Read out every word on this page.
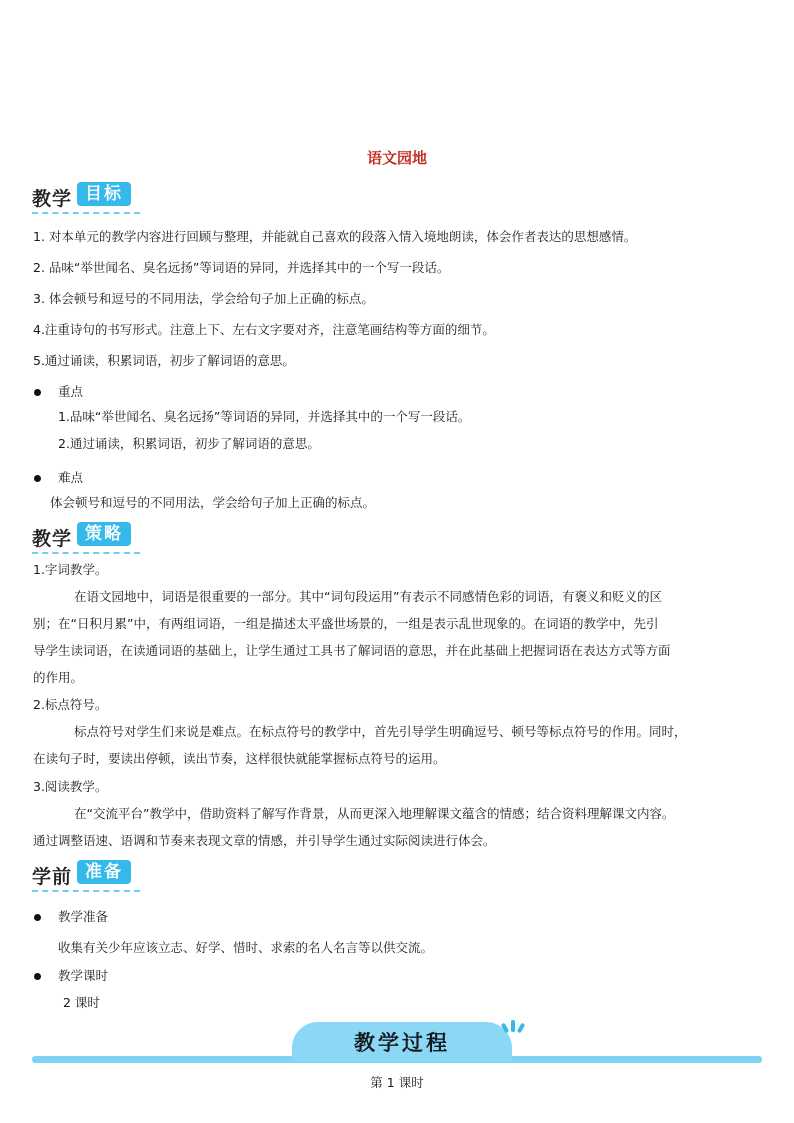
语文园地
教学 目标
1. 对本单元的教学内容进行回顾与整理，并能就自己喜欢的段落入情入境地朗读，体会作者表达的思想感情。
2. 品味“举世闻名、臭名远扬”等词语的异同，并选择其中的一个写一段话。
3. 体会顿号和逗号的不同用法，学会给句子加上正确的标点。
4.注重诗句的书写形式。注意上下、左右文字要对齐，注意笔画结构等方面的细节。
5.通过诵读，积累词语，初步了解词语的意思。
重点
1.品味“举世闻名、臭名远扬”等词语的异同，并选择其中的一个写一段话。
2.通过诵读，积累词语，初步了解词语的意思。
难点
体会顿号和逗号的不同用法，学会给句子加上正确的标点。
教学 策略
1.字词教学。
在语文园地中，词语是很重要的一部分。其中“词句段运用”有表示不同感情色彩的词语，有褒义和贬义的区
别；在“日积月累”中，有两组词语，一组是描述太平盛世场景的，一组是表示乱世现象的。在词语的教学中，先引
导学生读词语，在读通词语的基础上，让学生通过工具书了解词语的意思，并在此基础上把握词语在表达方式等方面
的作用。
2.标点符号。
标点符号对学生们来说是难点。在标点符号的教学中，首先引导学生明确逗号、顿号等标点符号的作用。同时，
在读句子时，要读出停顿，读出节奏，这样很快就能掌握标点符号的运用。
3.阅读教学。
在“交流平台”教学中，借助资料了解写作背景，从而更深入地理解课文蕴含的情感；结合资料理解课文内容。
通过调整语速、语调和节奏来表现文章的情感，并引导学生通过实际阅读进行体会。
学前 准备
教学准备
收集有关少年应该立志、好学、惜时、求索的名人名言等以供交流。
教学课时
2 课时
教学过程
第 1 课时
